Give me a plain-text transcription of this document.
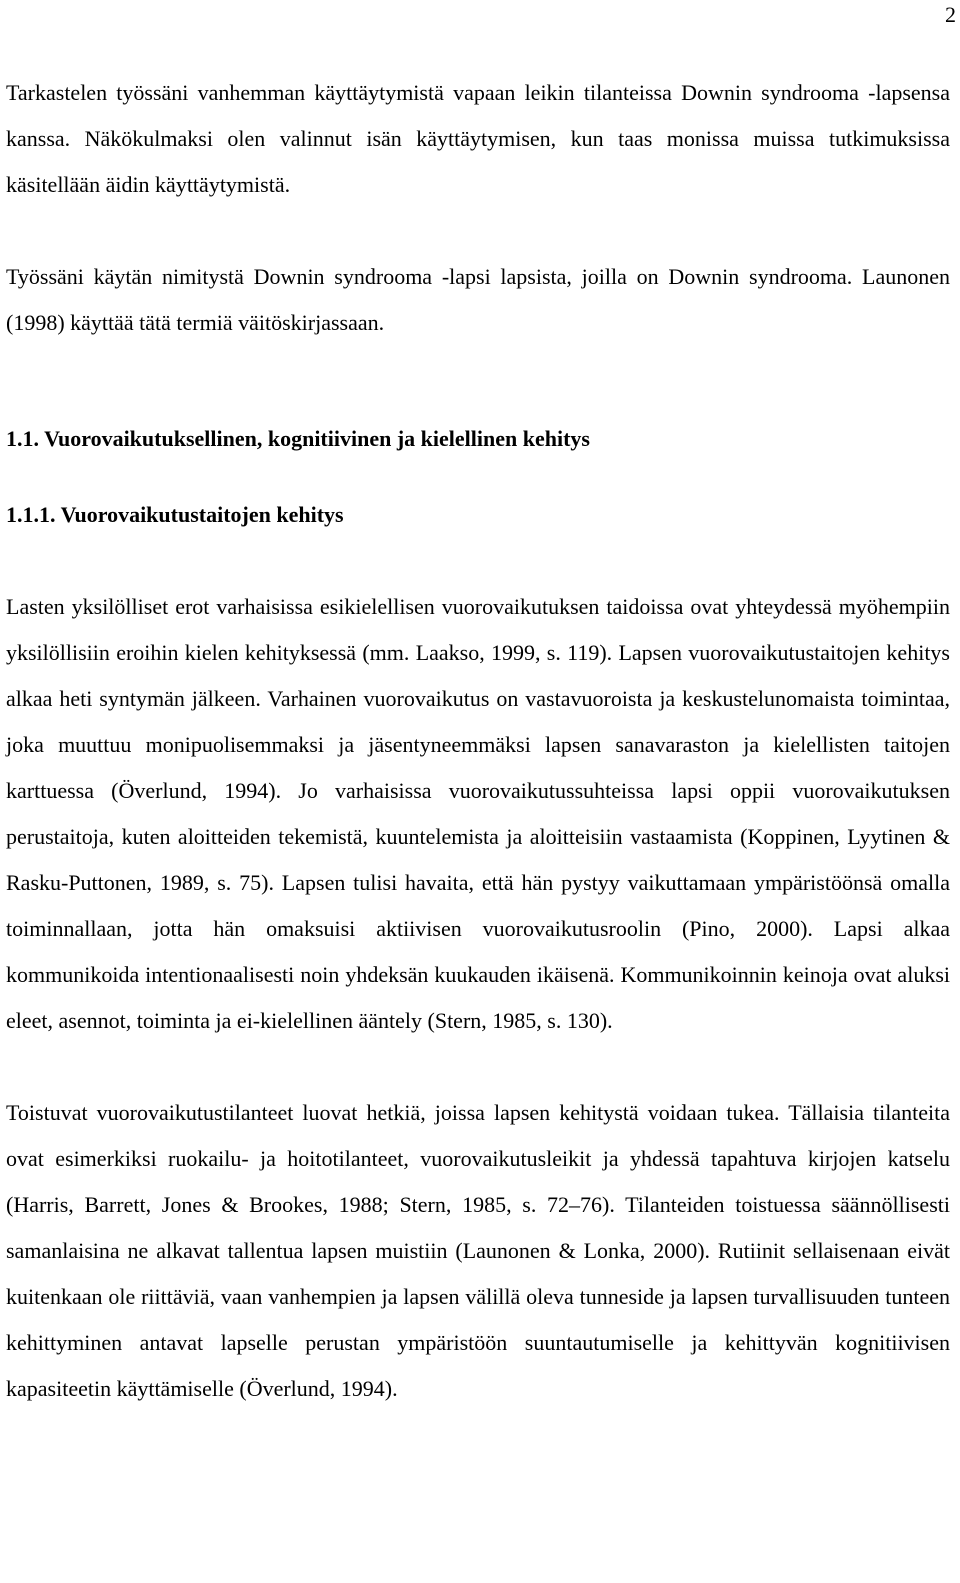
2

Tarkastelen työssäni vanhemman käyttäytymistä vapaan leikin tilanteissa Downin syndrooma -lapsensa kanssa. Näkökulmaksi olen valinnut isän käyttäytymisen, kun taas monissa muissa tutkimuksissa käsitellään äidin käyttäytymistä.

Työssäni käytän nimitystä Downin syndrooma -lapsi lapsista, joilla on Downin syndrooma. Launonen (1998) käyttää tätä termiä väitöskirjassaan.

1.1. Vuorovaikutuksellinen, kognitiivinen ja kielellinen kehitys
1.1.1. Vuorovaikutustaitojen kehitys

Lasten yksilölliset erot varhaisissa esikielellisen vuorovaikutuksen taidoissa ovat yhteydessä myöhempiin yksilöllisiin eroihin kielen kehityksessä (mm. Laakso, 1999, s. 119). Lapsen vuorovaikutustaitojen kehitys alkaa heti syntymän jälkeen. Varhainen vuorovaikutus on vastavuoroista ja keskustelunomaista toimintaa, joka muuttuu monipuolisemmaksi ja jäsentyneemmäksi lapsen sanavaraston ja kielellisten taitojen karttuessa (Överlund, 1994). Jo varhaisissa vuorovaikutussuhteissa lapsi oppii vuorovaikutuksen perustaitoja, kuten aloitteiden tekemistä, kuuntelemista ja aloitteisiin vastaamista (Koppinen, Lyytinen & Rasku-Puttonen, 1989, s. 75). Lapsen tulisi havaita, että hän pystyy vaikuttamaan ympäristöönsä omalla toiminnallaan, jotta hän omaksuisi aktiivisen vuorovaikutusroolin (Pino, 2000). Lapsi alkaa kommunikoida intentionaalisesti noin yhdeksän kuukauden ikäisenä. Kommunikoinnin keinoja ovat aluksi eleet, asennot, toiminta ja ei-kielellinen ääntely (Stern, 1985, s. 130).

Toistuvat vuorovaikutustilanteet luovat hetkiä, joissa lapsen kehitystä voidaan tukea. Tällaisia tilanteita ovat esimerkiksi ruokailu- ja hoitotilanteet, vuorovaikutusleikit ja yhdessä tapahtuva kirjojen katselu (Harris, Barrett, Jones & Brookes, 1988; Stern, 1985, s. 72–76). Tilanteiden toistuessa säännöllisesti samanlaisina ne alkavat tallentua lapsen muistiin (Launonen & Lonka, 2000). Rutiinit sellaisenaan eivät kuitenkaan ole riittäviä, vaan vanhempien ja lapsen välillä oleva tunneside ja lapsen turvallisuuden tunteen kehittyminen antavat lapselle perustan ympäristöön suuntautumiselle ja kehittyvän kognitiivisen kapasiteetin käyttämiselle (Överlund, 1994).
